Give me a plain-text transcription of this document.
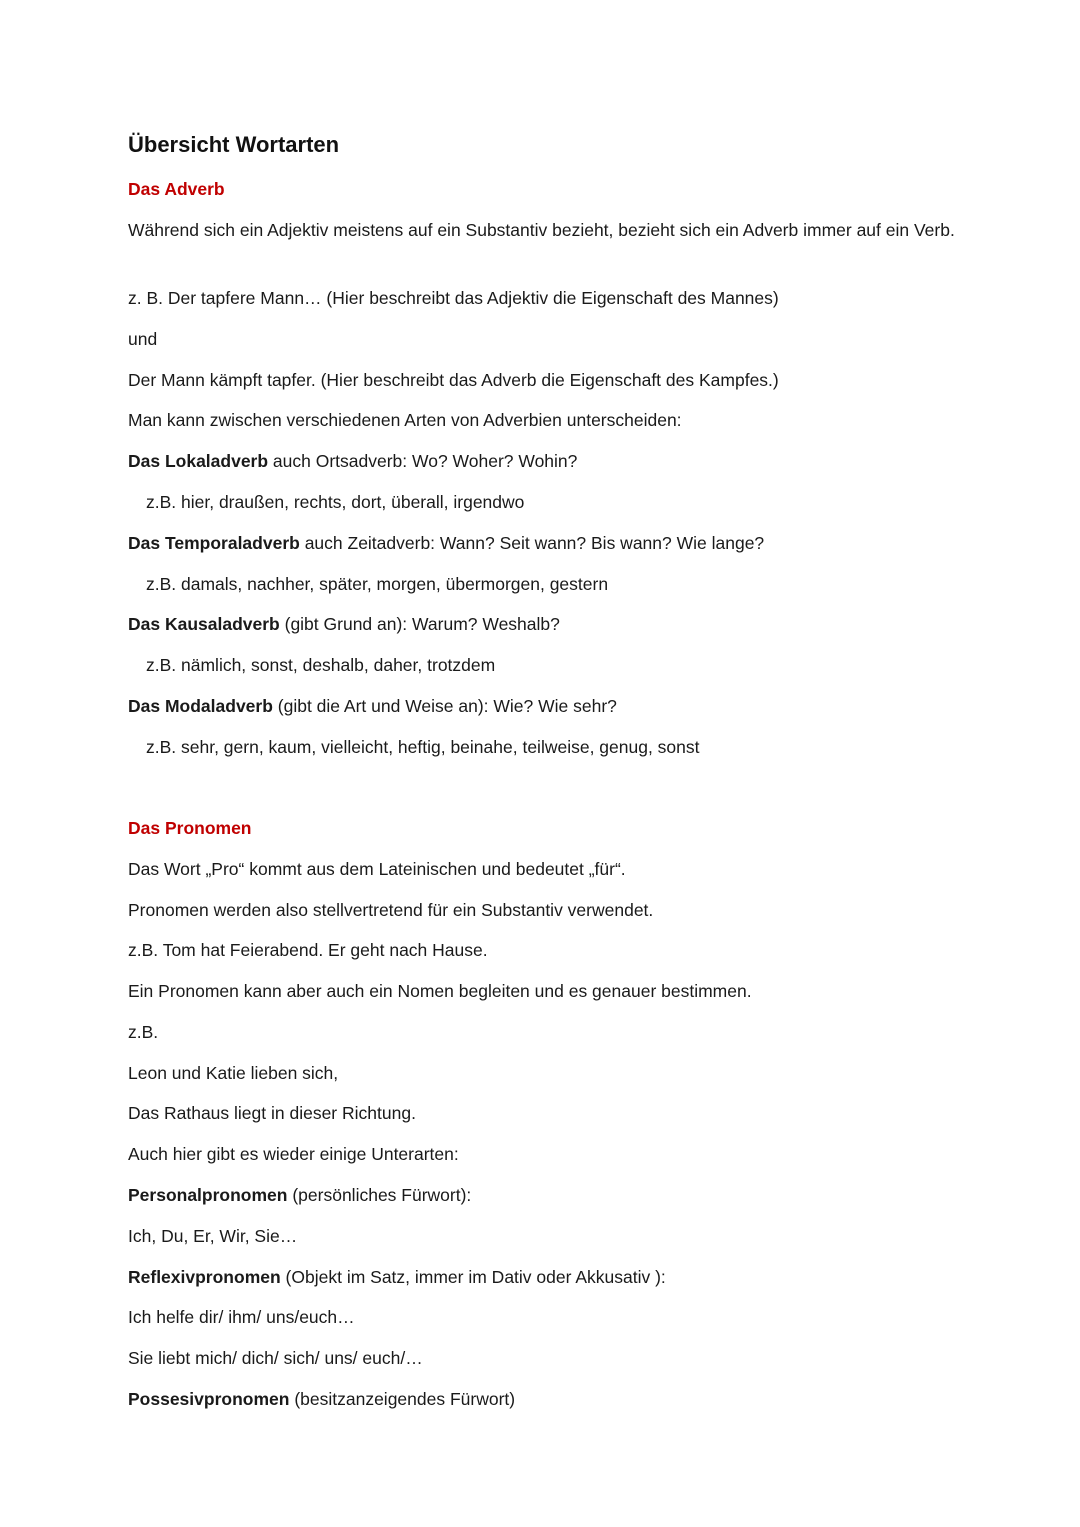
Übersicht Wortarten
Das Adverb
Während sich ein Adjektiv meistens auf ein Substantiv bezieht, bezieht sich ein Adverb immer auf ein Verb.
z. B. Der tapfere Mann… (Hier beschreibt das Adjektiv die Eigenschaft des Mannes)
und
Der Mann kämpft tapfer. (Hier beschreibt das Adverb die Eigenschaft des Kampfes.)
Man kann zwischen verschiedenen Arten von Adverbien unterscheiden:
Das Lokaladverb auch Ortsadverb: Wo? Woher? Wohin?
z.B. hier, draußen, rechts, dort, überall, irgendwo
Das Temporaladverb auch Zeitadverb: Wann? Seit wann? Bis wann? Wie lange?
z.B. damals, nachher, später, morgen, übermorgen, gestern
Das Kausaladverb (gibt Grund an): Warum? Weshalb?
z.B. nämlich, sonst, deshalb, daher, trotzdem
Das Modaladverb (gibt die Art und Weise an): Wie? Wie sehr?
z.B. sehr, gern, kaum, vielleicht, heftig, beinahe, teilweise, genug, sonst
Das Pronomen
Das Wort „Pro“ kommt aus dem Lateinischen und bedeutet „für“.
Pronomen werden also stellvertretend für ein Substantiv verwendet.
z.B. Tom hat Feierabend. Er geht nach Hause.
Ein Pronomen kann aber auch ein Nomen begleiten und es genauer bestimmen.
z.B.
Leon und Katie lieben sich,
Das Rathaus liegt in dieser Richtung.
Auch hier gibt es wieder einige Unterarten:
Personalpronomen (persönliches Fürwort):
Ich, Du, Er, Wir, Sie…
Reflexivpronomen (Objekt im Satz, immer im Dativ oder Akkusativ ):
Ich helfe dir/ ihm/ uns/euch…
Sie liebt mich/ dich/ sich/ uns/ euch/…
Possesivpronomen (besitzanzeigendes Fürwort)
